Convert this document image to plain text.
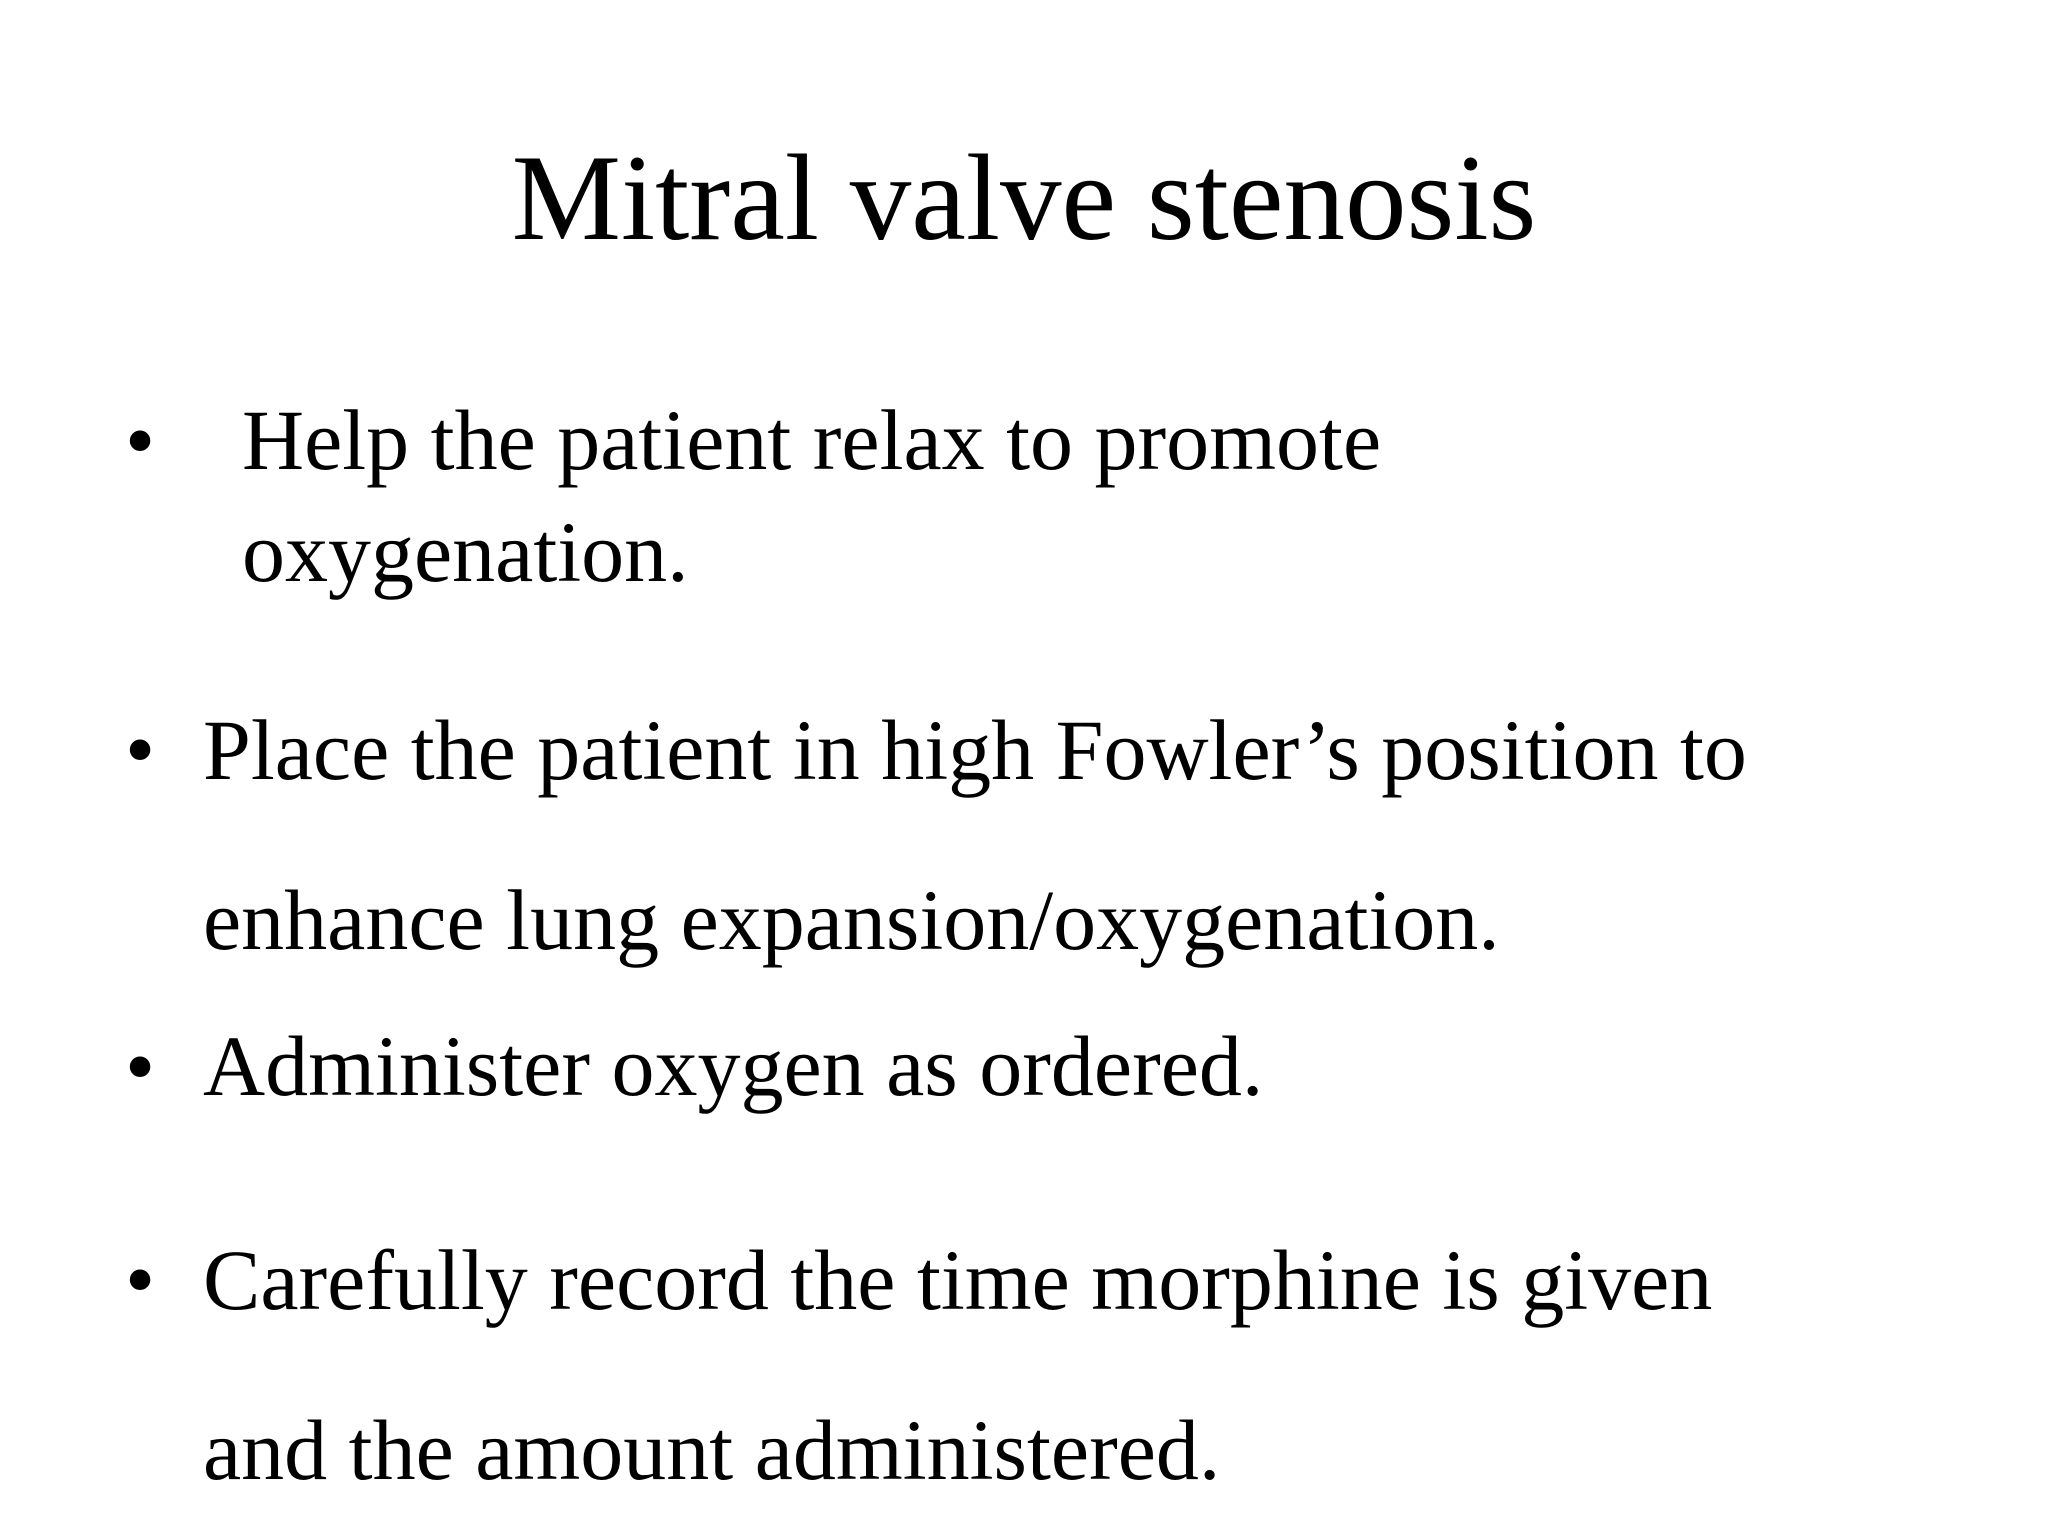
Mitral valve stenosis
• Help the patient relax to promote
oxygenation.
• Place the patient in high Fowler’s position to
enhance lung expansion/oxygenation.
• Administer oxygen as ordered.
• Carefully record the time morphine is given
and the amount administered.
